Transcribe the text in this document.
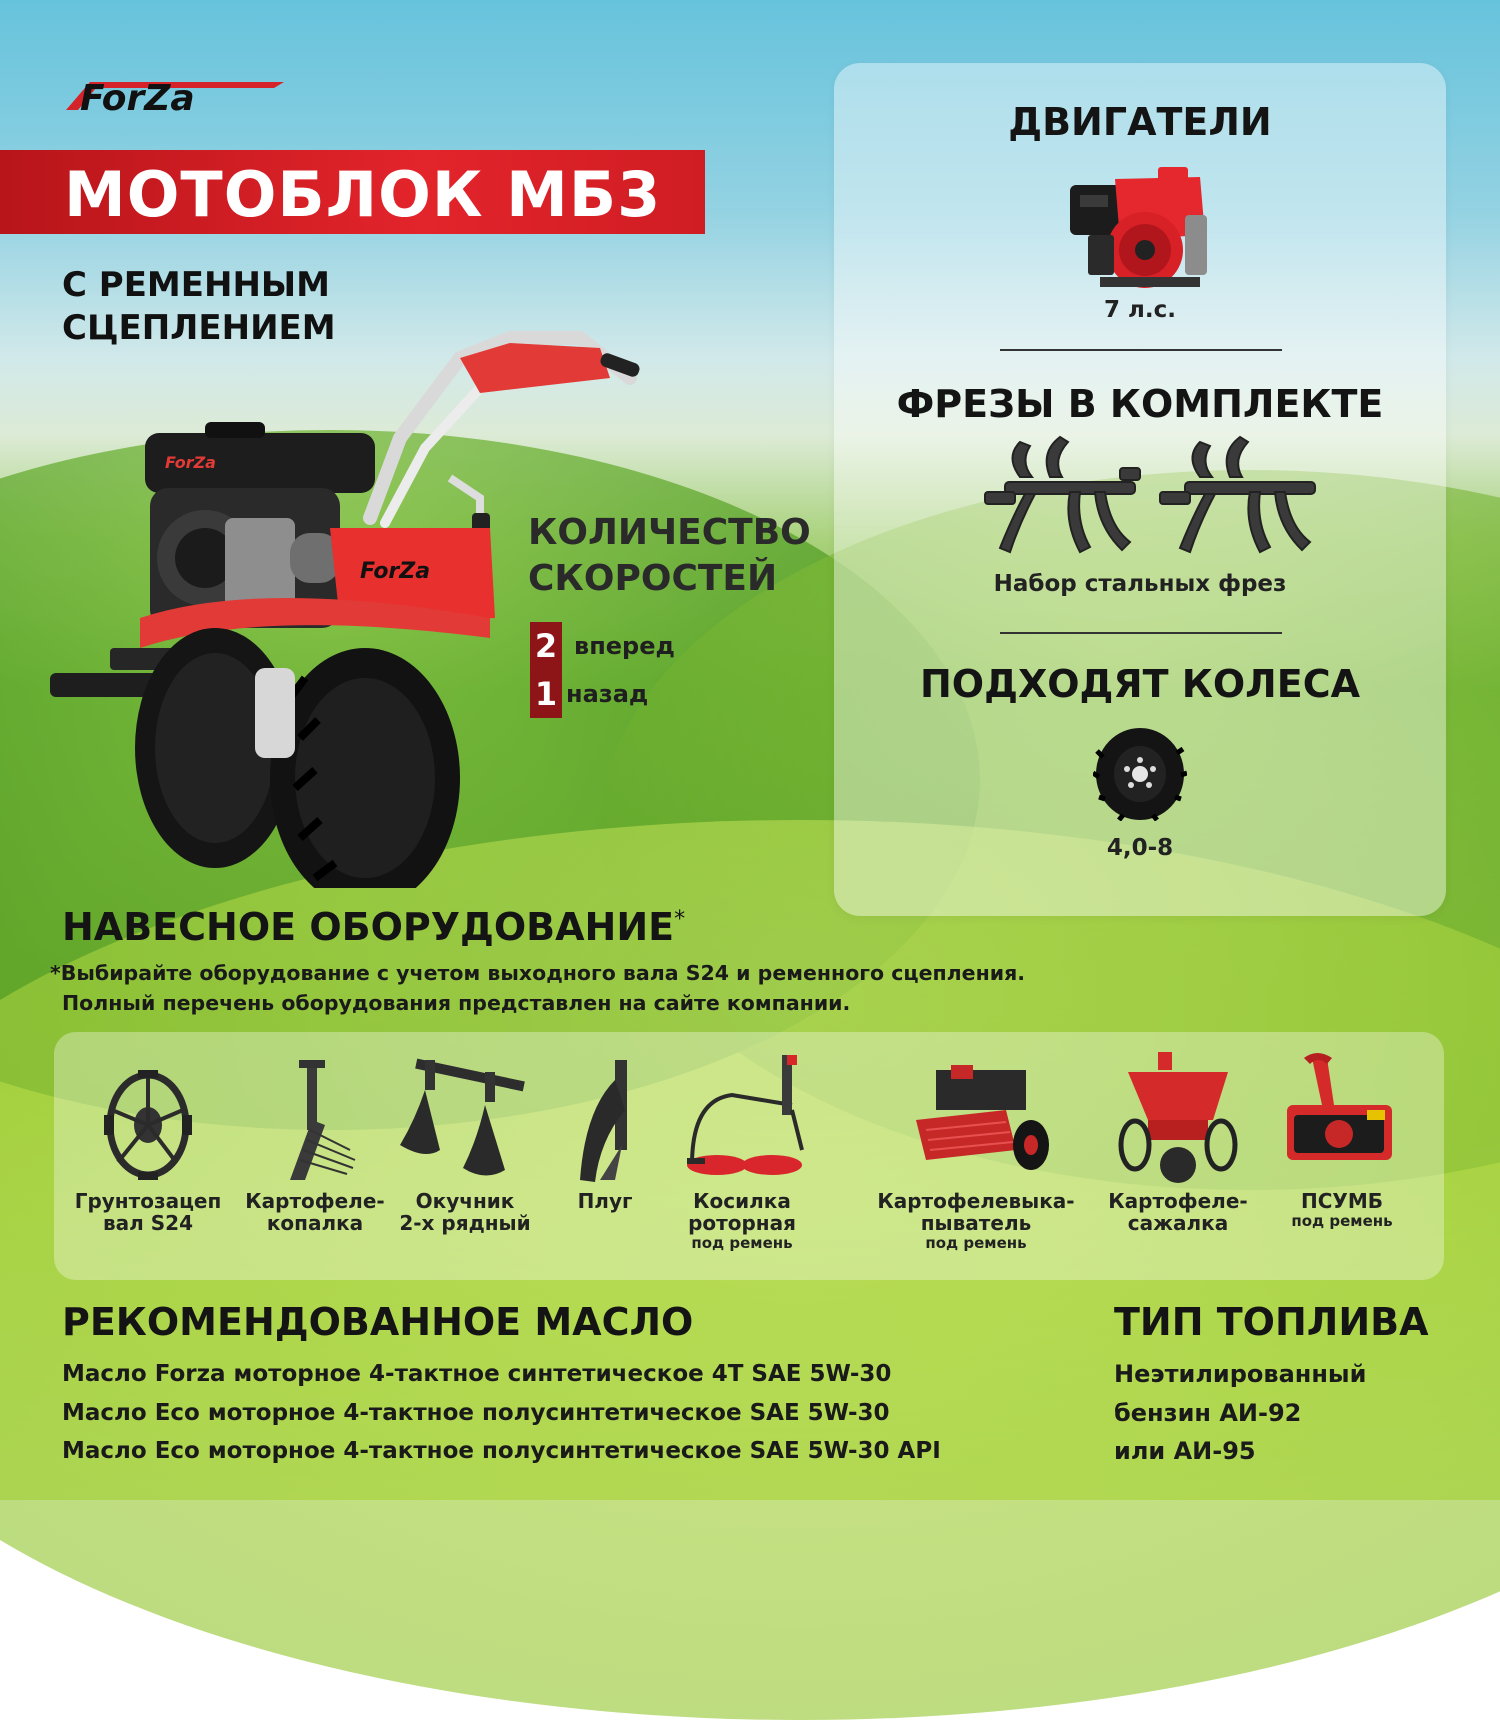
ForZa
МОТОБЛОК МБ3

С РЕМЕННЫМ
СЦЕПЛЕНИЕМ

ForZa
ForZa

КОЛИЧЕСТВО
СКОРОСТЕЙ

2 вперед
1 назад
ДВИГАТЕЛИ
7 л.с.
ФРЕЗЫ В КОМПЛЕКТЕ
Набор стальных фрез
ПОДХОДЯТ КОЛЕСА
4,0-8
НАВЕСНОЕ ОБОРУДОВАНИЕ*

*Выбирайте оборудование с учетом выходного вала S24 и ременного сцепления.
Полный перечень оборудования представлен на сайте компании.

Грунтозацеп
вал S24
Картофеле-
копалка
Окучник
2-х рядный
Плуг	Косилка
роторная
под ремень
Картофелевыка-
пыватель
под ремень
Картофеле-
сажалка
ПСУМБ
под ремень
РЕКОМЕНДОВАННОЕ МАСЛО
Масло Forza моторное 4-тактное синтетическое 4T SAE 5W-30
Масло Eco моторное 4-тактное полусинтетическое SAE 5W-30
Масло Eco моторное 4-тактное полусинтетическое SAE 5W-30 API
ТИП ТОПЛИВА
Неэтилированный
бензин АИ-92
или АИ-95
